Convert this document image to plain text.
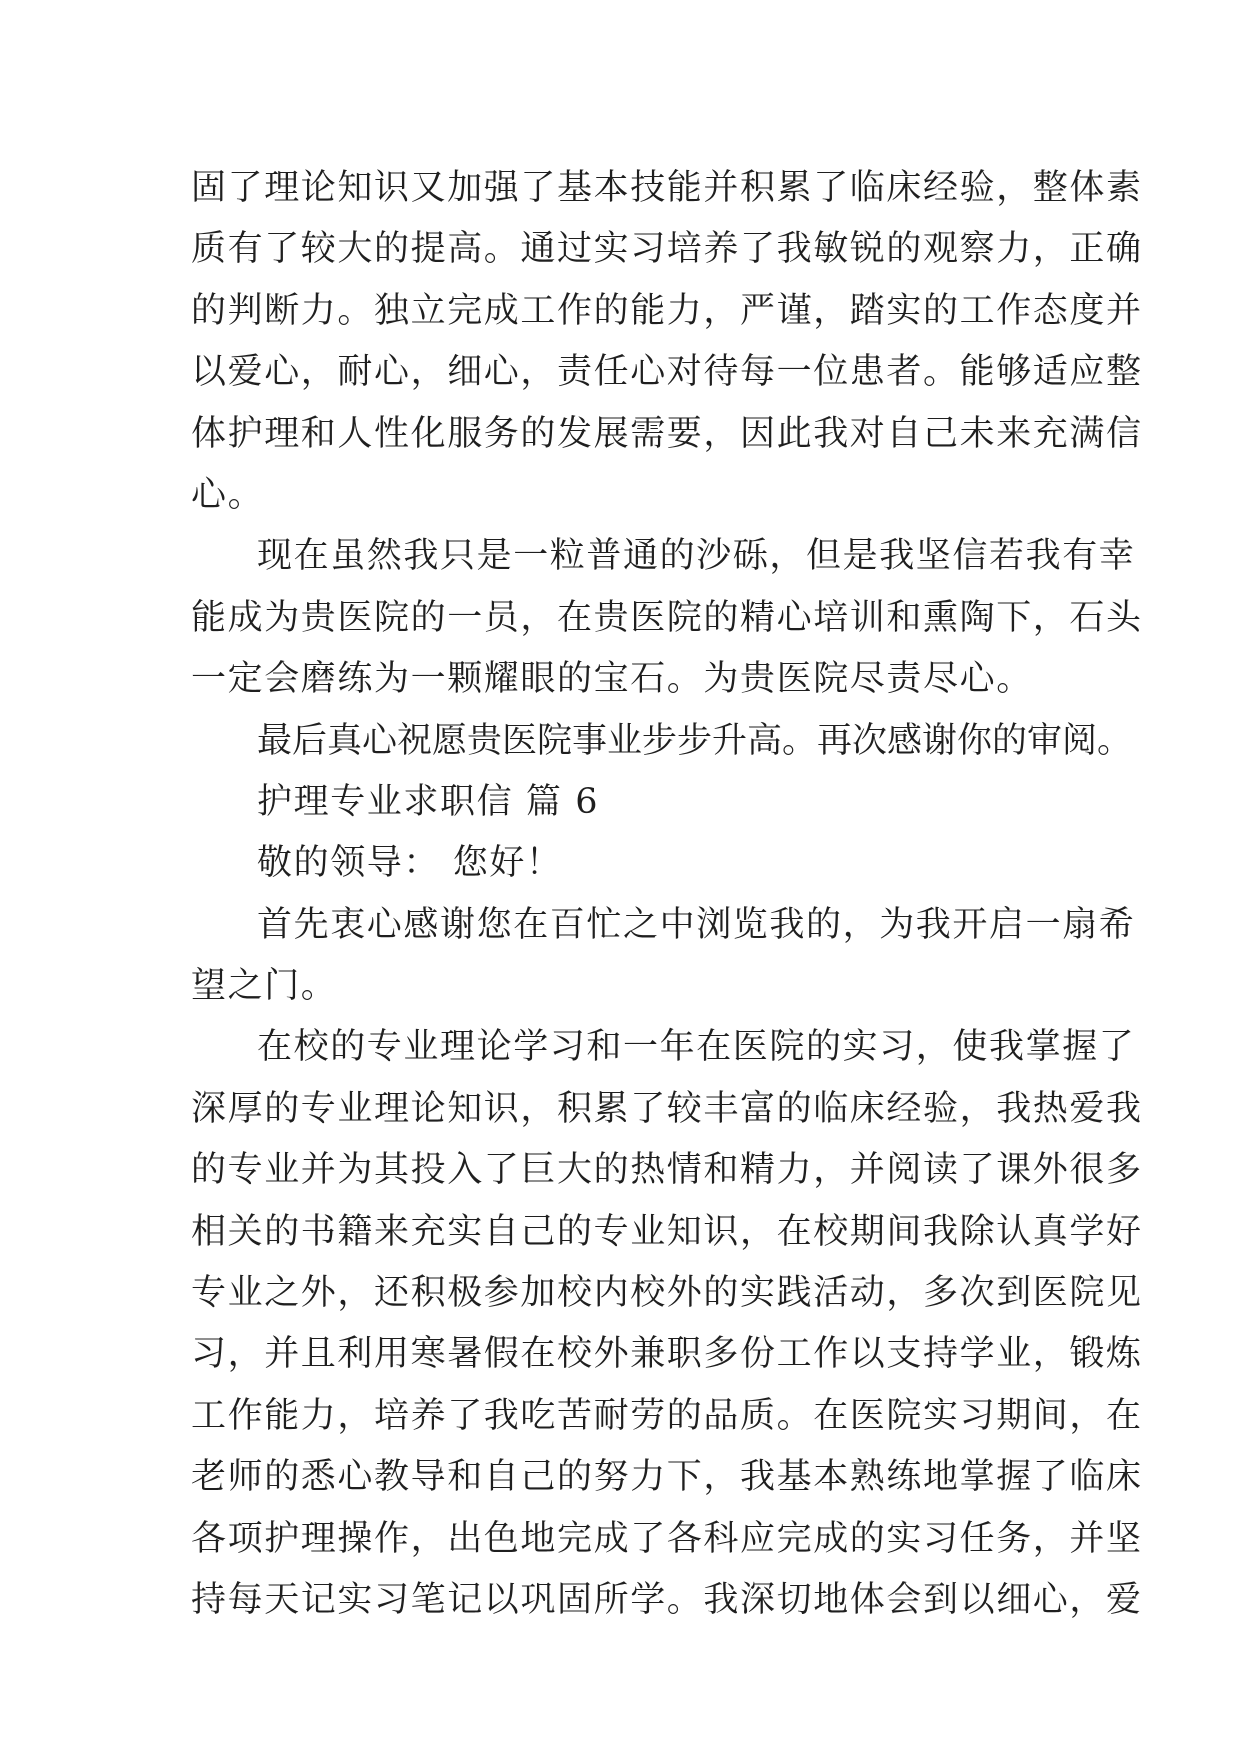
固了理论知识又加强了基本技能并积累了临床经验，整体素
质有了较大的提高。通过实习培养了我敏锐的观察力，正确
的判断力。独立完成工作的能力，严谨，踏实的工作态度并
以爱心，耐心，细心，责任心对待每一位患者。能够适应整
体护理和人性化服务的发展需要，因此我对自己未来充满信
心。
现在虽然我只是一粒普通的沙砾，但是我坚信若我有幸
能成为贵医院的一员，在贵医院的精心培训和熏陶下，石头
一定会磨练为一颗耀眼的宝石。为贵医院尽责尽心。
最后真心祝愿贵医院事业步步升高。再次感谢你的审阅。
护理专业求职信 篇 6
敬的领导： 您好！
首先衷心感谢您在百忙之中浏览我的，为我开启一扇希
望之门。
在校的专业理论学习和一年在医院的实习，使我掌握了
深厚的专业理论知识，积累了较丰富的临床经验，我热爱我
的专业并为其投入了巨大的热情和精力，并阅读了课外很多
相关的书籍来充实自己的专业知识，在校期间我除认真学好
专业之外，还积极参加校内校外的实践活动，多次到医院见
习，并且利用寒暑假在校外兼职多份工作以支持学业，锻炼
工作能力，培养了我吃苦耐劳的品质。在医院实习期间，在
老师的悉心教导和自己的努力下，我基本熟练地掌握了临床
各项护理操作，出色地完成了各科应完成的实习任务，并坚
持每天记实习笔记以巩固所学。我深切地体会到以细心，爱
